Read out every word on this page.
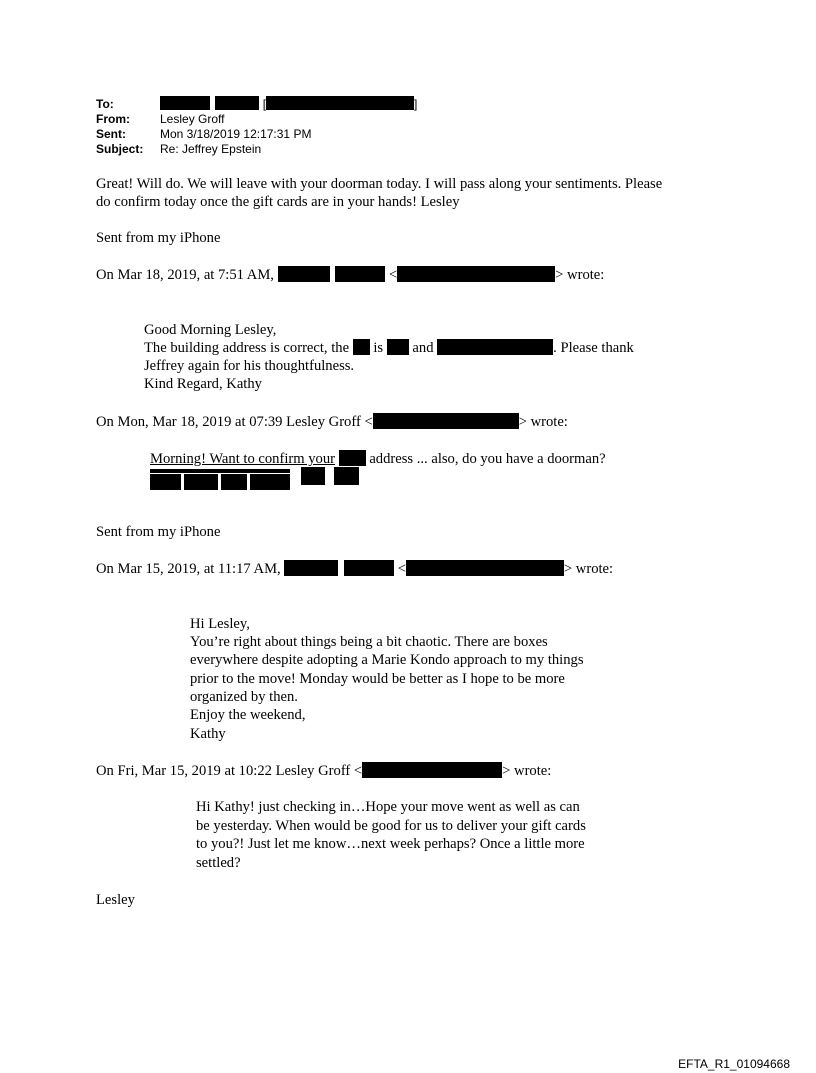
To:	[	]
From:	Lesley Groff
Sent:	Mon 3/18/2019 12:17:31 PM
Subject: Re: Jeffrey Epstein
Great! Will do. We will leave with your doorman today. I will pass along your sentiments. Please
do confirm today once the gift cards are in your hands! Lesley
Sent from my iPhone
On Mar 18, 2019, at 7:51 AM,	<	> wrote:
Good Morning Lesley,
The building address is correct, the is and	. Please thank
Jeffrey again for his thoughtfulness.
Kind Regard, Kathy
On Mon, Mar 18, 2019 at 07:39 Lesley Groff <	> wrote:
Morning! Want to confirm your address ... also, do you have a doorman?
Sent from my iPhone
On Mar 15, 2019, at 11:17 AM,	<	> wrote:
Hi Lesley,
You’re right about things being a bit chaotic. There are boxes
everywhere despite adopting a Marie Kondo approach to my things
prior to the move! Monday would be better as I hope to be more
organized by then.
Enjoy the weekend,
Kathy
On Fri, Mar 15, 2019 at 10:22 Lesley Groff <	> wrote:
Hi Kathy! just checking in…Hope your move went as well as can
be yesterday. When would be good for us to deliver your gift cards
to you?! Just let me know…next week perhaps? Once a little more
settled?
Lesley
EFTA_R1_01094668
